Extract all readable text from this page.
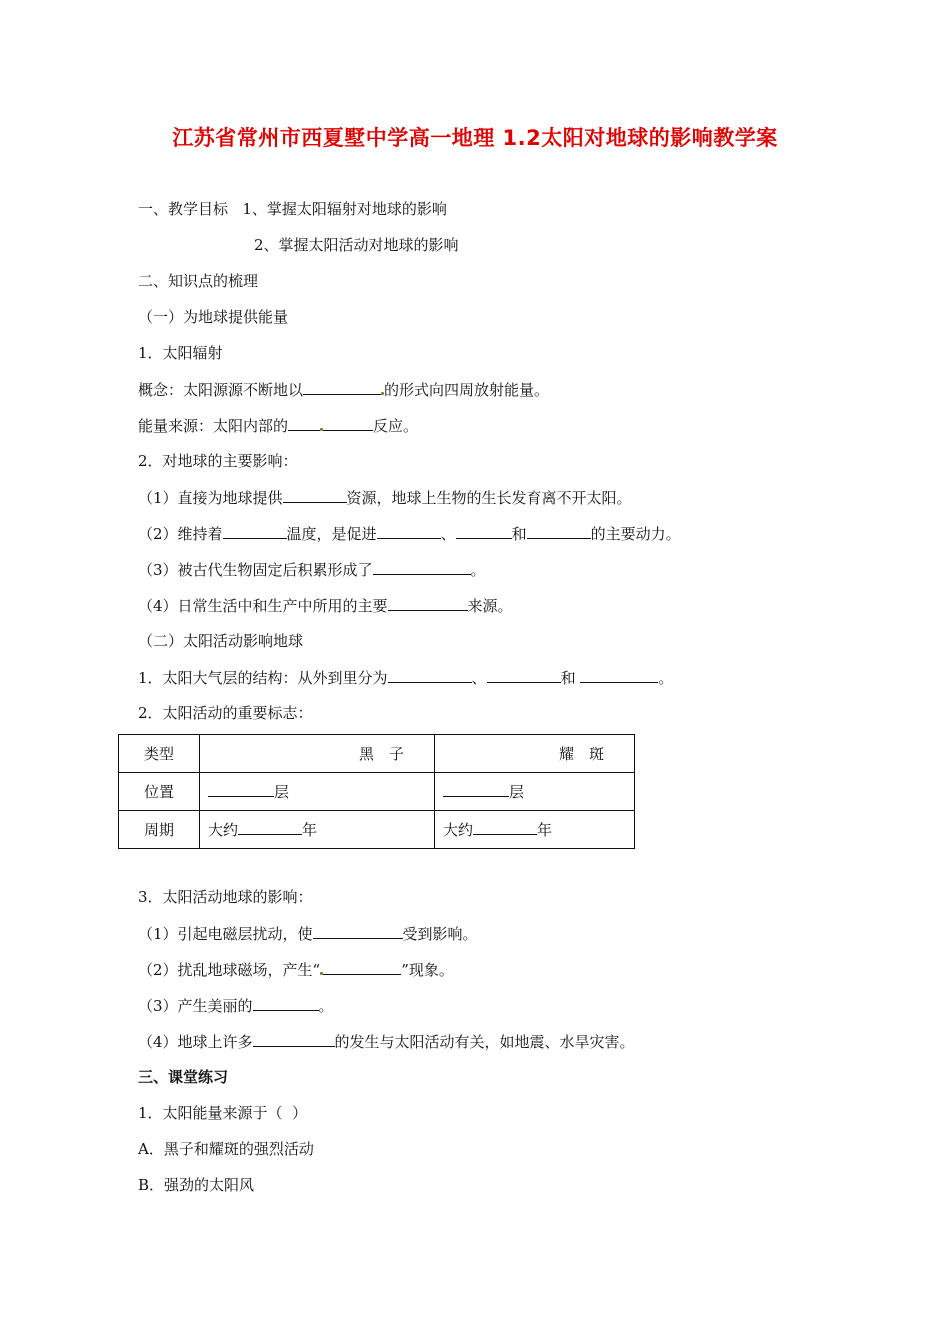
江苏省常州市西夏墅中学高一地理 1.2太阳对地球的影响教学案
一、教学目标 1、掌握太阳辐射对地球的影响
2、掌握太阳活动对地球的影响
二、知识点的梳理
（一）为地球提供能量
1．太阳辐射
概念：太阳源源不断地以	的形式向四周放射能量。
能量来源：太阳内部的	反应。
2．对地球的主要影响：
（1）直接为地球提供	资源，地球上生物的生长发育离不开太阳。
（2）维持着	温度，是促进	、	和	的主要动力。
（3）被古代生物固定后积累形成了	。
（4）日常生活中和生产中所用的主要	来源。
（二）太阳活动影响地球
1．太阳大气层的结构：从外到里分为	、	和	。
2．太阳活动的重要标志：
类型	黑　子	耀　斑
位置	层	层
周期	大约 年	大约 年
3．太阳活动地球的影响：
（1）引起电磁层扰动，使	受到影响。
（2）扰乱地球磁场，产生“	”现象。
（3）产生美丽的	。
（4）地球上许多	的发生与太阳活动有关，如地震、水旱灾害。
三、课堂练习
1．太阳能量来源于（  ）
A．黑子和耀斑的强烈活动
B．强劲的太阳风
